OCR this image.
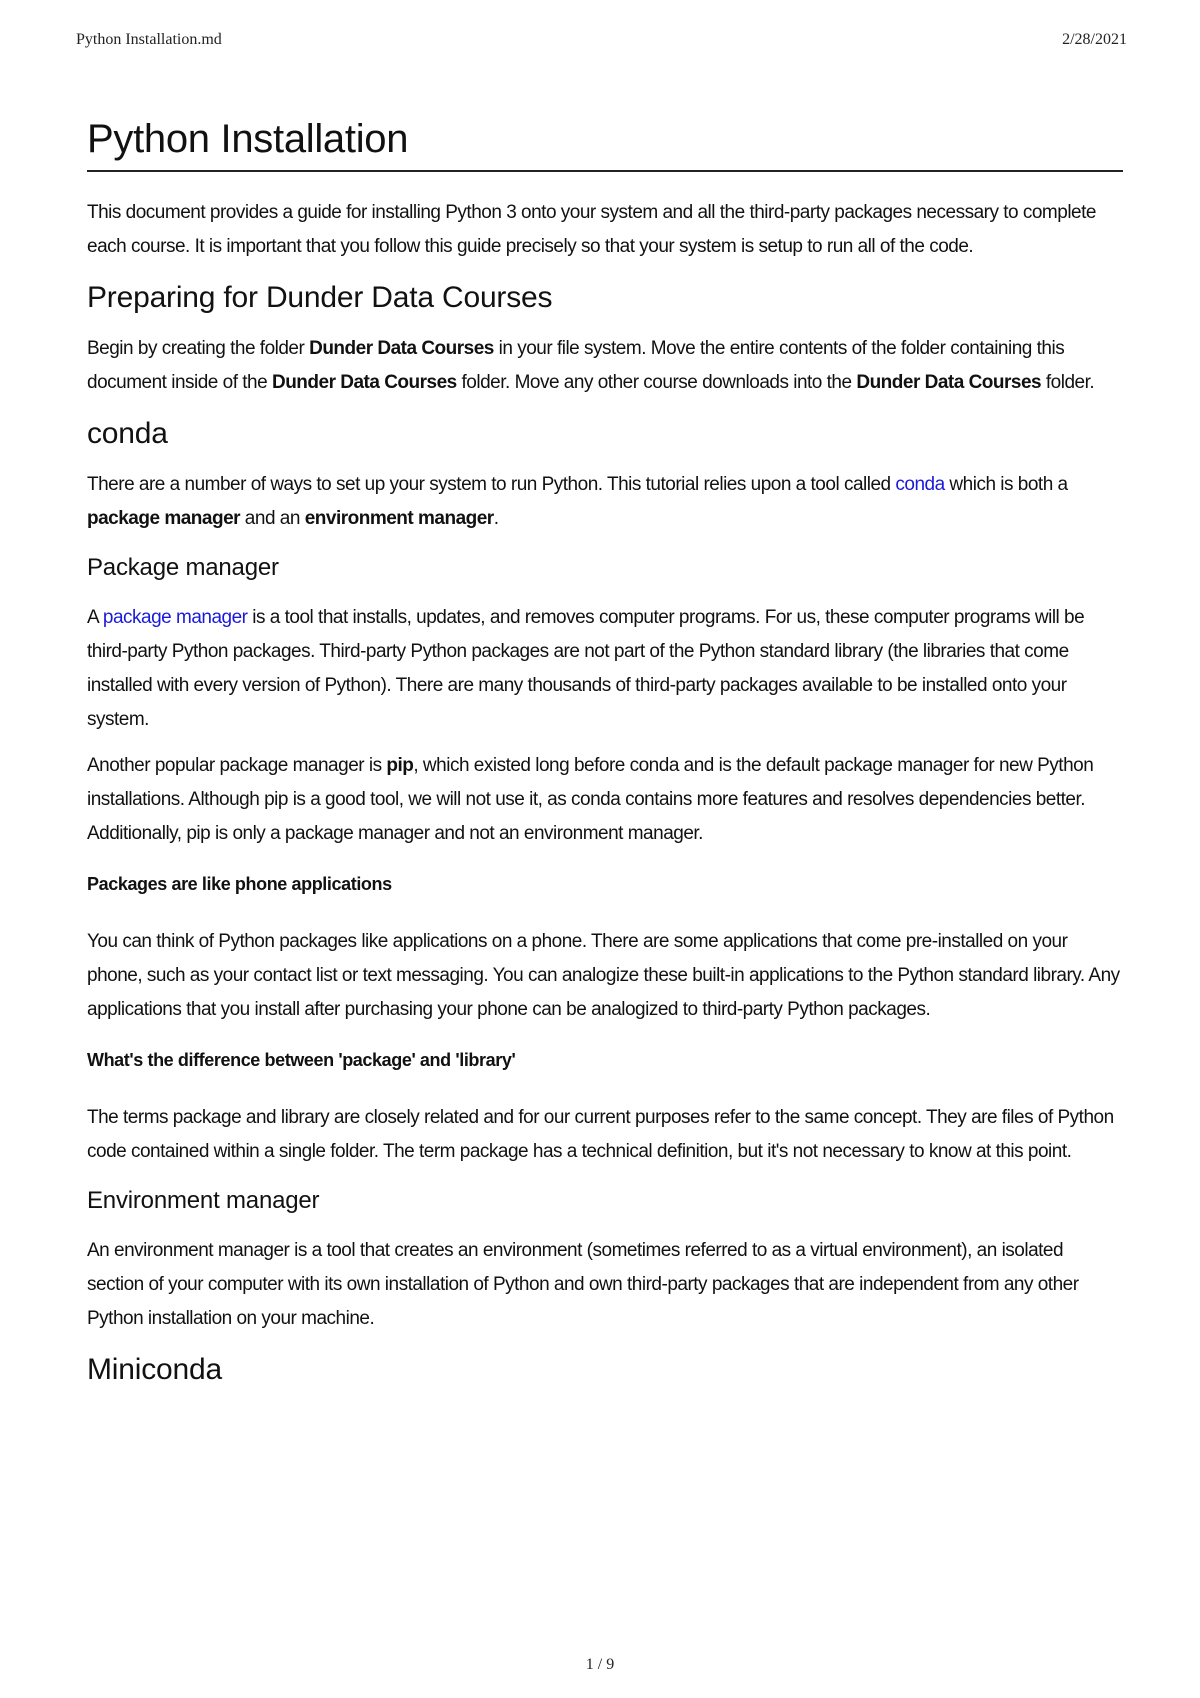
Python Installation.md	2/28/2021
Python Installation

This document provides a guide for installing Python 3 onto your system and all the third-party packages necessary to complete each course. It is important that you follow this guide precisely so that your system is setup to run all of the code.

Preparing for Dunder Data Courses

Begin by creating the folder Dunder Data Courses in your file system. Move the entire contents of the folder containing this document inside of the Dunder Data Courses folder. Move any other course downloads into the Dunder Data Courses folder.

conda

There are a number of ways to set up your system to run Python. This tutorial relies upon a tool called conda which is both a package manager and an environment manager.

Package manager

A package manager is a tool that installs, updates, and removes computer programs. For us, these computer programs will be third-party Python packages. Third-party Python packages are not part of the Python standard library (the libraries that come installed with every version of Python). There are many thousands of third-party packages available to be installed onto your system.

Another popular package manager is pip, which existed long before conda and is the default package manager for new Python installations. Although pip is a good tool, we will not use it, as conda contains more features and resolves dependencies better. Additionally, pip is only a package manager and not an environment manager.

Packages are like phone applications

You can think of Python packages like applications on a phone. There are some applications that come pre-installed on your phone, such as your contact list or text messaging. You can analogize these built-in applications to the Python standard library. Any applications that you install after purchasing your phone can be analogized to third-party Python packages.

What's the difference between 'package' and 'library'

The terms package and library are closely related and for our current purposes refer to the same concept. They are files of Python code contained within a single folder. The term package has a technical definition, but it's not necessary to know at this point.

Environment manager

An environment manager is a tool that creates an environment (sometimes referred to as a virtual environment), an isolated section of your computer with its own installation of Python and own third-party packages that are independent from any other Python installation on your machine.

Miniconda
1 / 9
